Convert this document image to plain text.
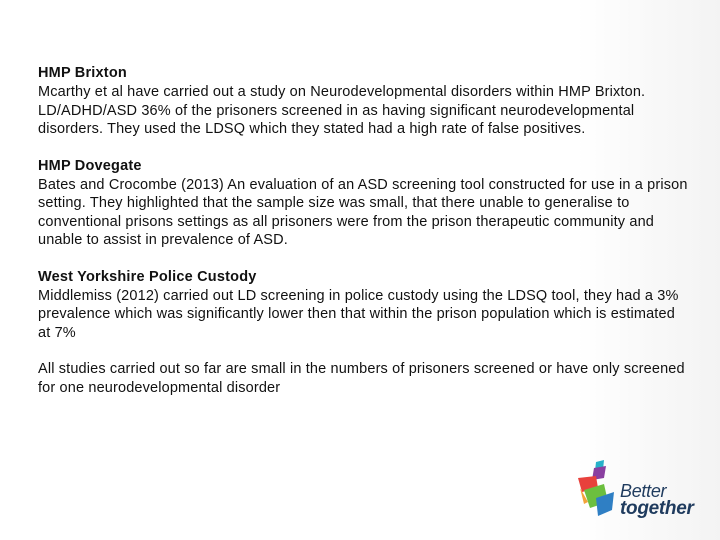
HMP Brixton

Mcarthy et al have carried out a study on Neurodevelopmental disorders within HMP Brixton. LD/ADHD/ASD 36% of the prisoners screened in as having significant neurodevelopmental disorders. They used the LDSQ which they stated had a high rate of false positives.

HMP Dovegate

Bates and Crocombe (2013) An evaluation of an ASD screening tool constructed for use in a prison setting. They highlighted that the sample size was small, that there unable to generalise to conventional prisons settings as all prisoners were from the prison therapeutic community and unable to assist in prevalence of ASD.

West Yorkshire Police Custody

Middlemiss (2012) carried out LD screening in police custody using the LDSQ tool, they had a 3% prevalence which was significantly lower then that within the prison population which is estimated at 7%

All studies carried out so far are small in the numbers of prisoners screened or have only screened for one neurodevelopmental disorder

Better
together
